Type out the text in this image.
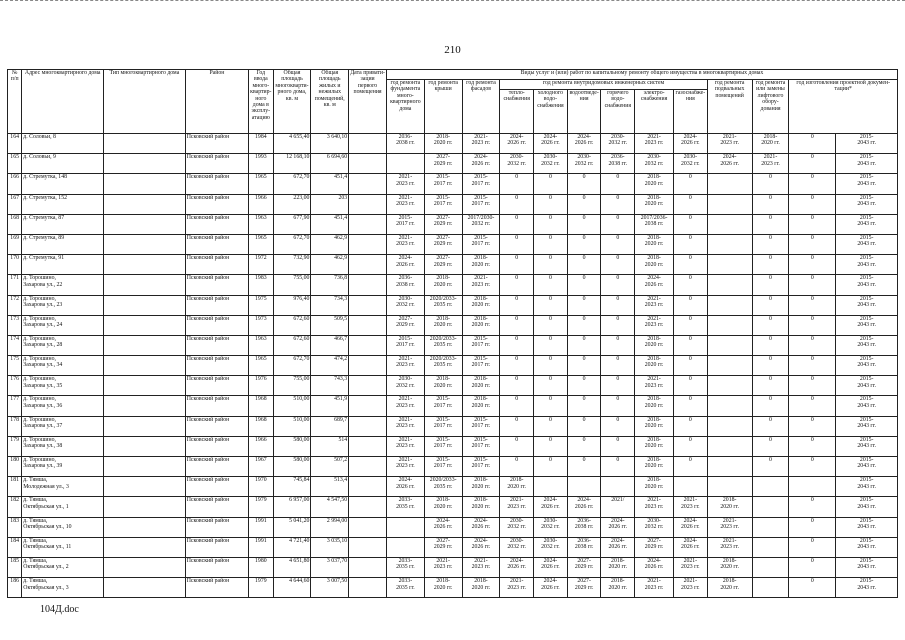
210
№ п/п	Адрес многоквартирного дома	Тип многоквартирного дома	Район	Год ввода многоквартирного дома в эксплуатацию	Общая площадь многоквартирного дома, кв. м	Общая площадь жилых и нежилых помещений, кв. м	Дата приватизации первого помещения	Виды услуг и (или) работ по капитальному ремонту общего имущества в многоквартирных домах												
								год ремонта фундамента многоквартирного дома	год ремонта крыши	год ремонта фасадов	год ремонта внутридомовых инженерных систем						год ремонта подвальных помещений	год ремонта или замены лифтового оборудования	год изготовления проектной документации*	
											теплоснабжения	холодного водоснабжения	водоотведения	горячего водоснабжения	электроснабжения	газоснабжения				
164	д. Соловьи, 8		Псковский район	1984	4 655,40	3 640,10		2036-
2038 гг.	2018-
2020 гг.	2021-
2023 гг.	2024-
2026 гг.	2024-
2026 гг.	2024-
2026 гг.	2030-
2032 гг.	2021-
2023 гг.	2024-
2026 гг.	2021-
2023 гг.	2018-
2020 гг.	0	2015-
2043 гг.
165	д. Соловьи, 9		Псковский район	1993	12 168,10	6 694,60			2027-
2029 гг.	2024-
2026 гг.	2030-
2032 гг.	2030-
2032 гг.	2030-
2032 гг.	2036-
2038 гг.	2030-
2032 гг.	2030-
2032 гг.	2024-
2026 гг.	2021-
2023 гг.	0	2015-
2043 гг.
166	д. Стремутка, 148		Псковский район	1965	672,70	451,4		2021-
2023 гг.	2015-
2017 гг.	2015-
2017 гг.	0	0	0	0	2018-
2020 гг.	0		0	0	2015-
2043 гг.
167	д. Стремутка, 152		Псковский район	1966	223,00	203		2021-
2023 гг.	2015-
2017 гг.	2015-
2017 гг.	0	0	0	0	2018-
2020 гг.	0		0	0	2015-
2043 гг.
168	д. Стремутка, 87		Псковский район	1963	677,90	451,4		2015-
2017 гг.	2027-
2029 гг.	2017/2030-
2032 гг.	0	0	0	0	2017/2036-
2038 гг.	0		0	0	2015-
2043 гг.
169	д. Стремутка, 89		Псковский район	1965	672,70	462,9		2021-
2023 гг.	2027-
2029 гг.	2015-
2017 гг.	0	0	0	0	2018-
2020 гг.	0		0	0	2015-
2043 гг.
170	д. Стремутка, 91		Псковский район	1972	732,90	462,9		2024-
2026 гг.	2027-
2029 гг.	2018-
2020 гг.	0	0	0	0	2018-
2020 гг.	0		0	0	2015-
2043 гг.
171	д. Торошино,
Захарова ул., 22		Псковский район	1983	755,00	736,8		2036-
2038 гг.	2018-
2020 гг.	2021-
2023 гг.	0	0	0	0	2024-
2026 гг.	0		0	0	2015-
2043 гг.
172	д. Торошино,
Захарова ул., 23		Псковский район	1975	976,40	734,3		2030-
2032 гг.	2020/2033-
2035 гг.	2018-
2020 гг.	0	0	0	0	2021-
2023 гг.	0		0	0	2015-
2043 гг.
173	д. Торошино,
Захарова ул., 24		Псковский район	1973	672,60	509,5		2027-
2029 гг.	2018-
2020 гг.	2018-
2020 гг.	0	0	0	0	2021-
2023 гг.	0		0	0	2015-
2043 гг.
174	д. Торошино,
Захарова ул., 28		Псковский район	1963	672,60	466,7		2015-
2017 гг.	2020/2033-
2035 гг.	2015-
2017 гг.	0	0	0	0	2018-
2020 гг.	0		0	0	2015-
2043 гг.
175	д. Торошино,
Захарова ул., 34		Псковский район	1965	672,70	474,2		2021-
2023 гг.	2020/2033-
2035 гг.	2015-
2017 гг.	0	0	0	0	2018-
2020 гг.	0		0	0	2015-
2043 гг.
176	д. Торошино,
Захарова ул., 35		Псковский район	1976	755,00	743,3		2030-
2032 гг.	2018-
2020 гг.	2018-
2020 гг.	0	0	0	0	2021-
2023 гг.	0		0	0	2015-
2043 гг.
177	д. Торошино,
Захарова ул., 36		Псковский район	1968	510,00	451,9		2021-
2023 гг.	2015-
2017 гг.	2018-
2020 гг.	0	0	0	0	2018-
2020 гг.	0		0	0	2015-
2043 гг.
178	д. Торошино,
Захарова ул., 37		Псковский район	1968	510,00	689,7		2021-
2023 гг.	2015-
2017 гг.	2015-
2017 гг.	0	0	0	0	2018-
2020 гг.	0		0	0	2015-
2043 гг.
179	д. Торошино,
Захарова ул., 38		Псковский район	1966	580,00	514		2021-
2023 гг.	2015-
2017 гг.	2015-
2017 гг.	0	0	0	0	2018-
2020 гг.	0		0	0	2015-
2043 гг.
180	д. Торошино,
Захарова ул., 39		Псковский район	1967	580,00	507,2		2021-
2023 гг.	2015-
2017 гг.	2015-
2017 гг.	0	0	0	0	2018-
2020 гг.	0		0	0	2015-
2043 гг.
181	д. Тямша,
Молодежная ул., 3		Псковский район	1970	745,84	513,4		2024-
2026 гг.	2020/2033-
2035 гг.	2018-
2020 гг.	2018-
2020 гг.				2018-
2020 гг.					2015-
2043 гг.
182	д. Тямша,
Октябрьская ул., 1		Псковский район	1979	6 957,00	4 547,50		2033-
2035 гг.	2018-
2020 гг.	2018-
2020 гг.	2021-
2023 гг.	2024-
2026 гг.	2024-
2026 гг.	2021/	2021-
2023 гг.	2021-
2023 гг.	2018-
2020 гг.		0	2015-
2043 гг.
183	д. Тямша,
Октябрьская ул., 10		Псковский район	1991	5 041,20	2 994,00			2024-
2026 гг.	2024-
2026 гг.	2030-
2032 гг.	2030-
2032 гг.	2036-
2038 гг.	2024-
2026 гг.	2030-
2032 гг.	2024-
2026 гг.	2021-
2023 гг.		0	2015-
2043 гг.
184	д. Тямша,
Октябрьская ул., 11		Псковский район	1991	4 721,40	3 035,10			2027-
2029 гг.	2024-
2026 гг.	2030-
2032 гг.	2030-
2032 гг.	2036-
2038 гг.	2024-
2026 гг.	2027-
2029 гг.	2024-
2026 гг.	2021-
2023 гг.		0	2015-
2043 гг.
185	д. Тямша,
Октябрьская ул., 2		Псковский район	1980	4 651,80	3 037,70		2033-
2035 гг.	2021-
2023 гг.	2021-
2023 гг.	2024-
2026 гг.	2024-
2026 гг.	2027-
2029 гг.	2018-
2020 гг.	2024-
2026 гг.	2021-
2023 гг.	2018-
2020 гг.		0	2015-
2043 гг.
186	д. Тямша,
Октябрьская ул., 3		Псковский район	1979	4 644,60	3 007,50		2033-
2035 гг.	2018-
2020 гг.	2018-
2020 гг.	2021-
2023 гг.	2024-
2026 гг.	2027-
2029 гг.	2018-
2020 гг.	2021-
2023 гг.	2021-
2023 гг.	2018-
2020 гг.		0	2015-
2043 гг.
104Д.doc
